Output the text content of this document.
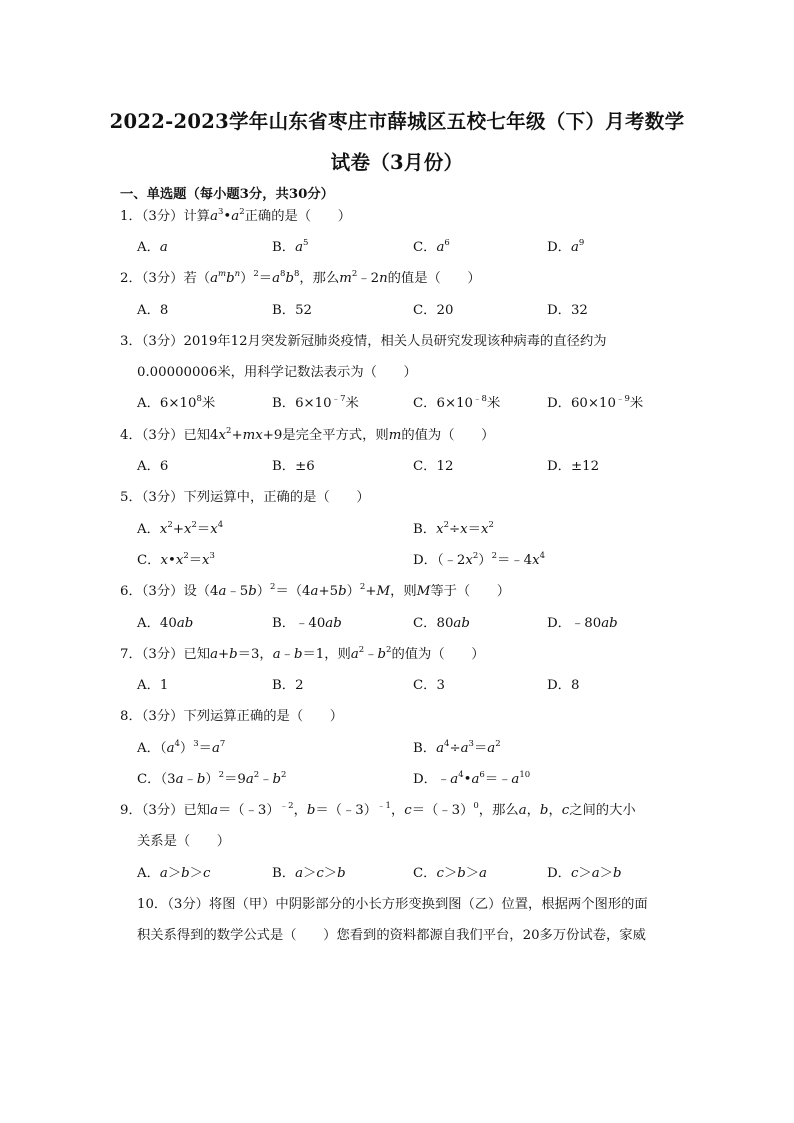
2022-2023学年山东省枣庄市薛城区五校七年级（下）月考数学
试卷（3月份）
一、单选题（每小题3分，共30分）
1．（3分）计算$a^3•a^2$正确的是（　　）
A．a	B．$a^5$	C．$a^6$	D．$a^9$
2．（3分）若$(a^mb^n)^2=a^8b^8$，那么$m^2﹣2n$的值是（　　）
A．8	B．52	C．20	D．32
3．（3分）2019年12月突发新冠肺炎疫情，相关人员研究发现该种病毒的直径约为
0.00000006米，用科学记数法表示为（　　）
A．$6\times 10^8$米	B．$6\times 10^{﹣7}$米	C．$6\times 10^{﹣8}$米	D．$60\times 10^{﹣9}$米
4．（3分）已知$4x^2+mx+9$是完全平方式，则m的值为（　　）
A．6	B．±6	C．12	D．±12
5．（3分）下列运算中，正确的是（　　）
A．$x^2+x^2=x^4$	B．$x^2\div x=x^2$
C．$x•x^2=x^3$	D．$(﹣2x^2)^2=﹣4x^4$
6．（3分）设$(4a﹣5b)^2=(4a+5b)^2+M$，则M等于（　　）
A．40ab	B．﹣40ab	C．80ab	D．﹣80ab
7．（3分）已知a+b＝3，a﹣b＝1，则$a^2﹣b^2$的值为（　　）
A．1	B．2	C．3	D．8
8．（3分）下列运算正确的是（　　）
A．$(a^4)^3=a^7$	B．$a^4\div a^3=a^2$
C．$(3a﹣b)^2=9a^2﹣b^2$	D．$﹣a^4•a^6=﹣a^{10}$
9．（3分）已知a＝（﹣3）$^{﹣2}$，b＝（﹣3）$^{﹣1}$，c＝（﹣3）$^0$，那么a，b，c之间的大小
关系是（　　）
A．a＞b＞c	B．a＞c＞b	C．c＞b＞a	D．c＞a＞b
10．（3分）将图（甲）中阴影部分的小长方形变换到图（乙）位置，根据两个图形的面
积关系得到的数学公式是（　　）您看到的资料都源自我们平台，20多万份试卷，家威
